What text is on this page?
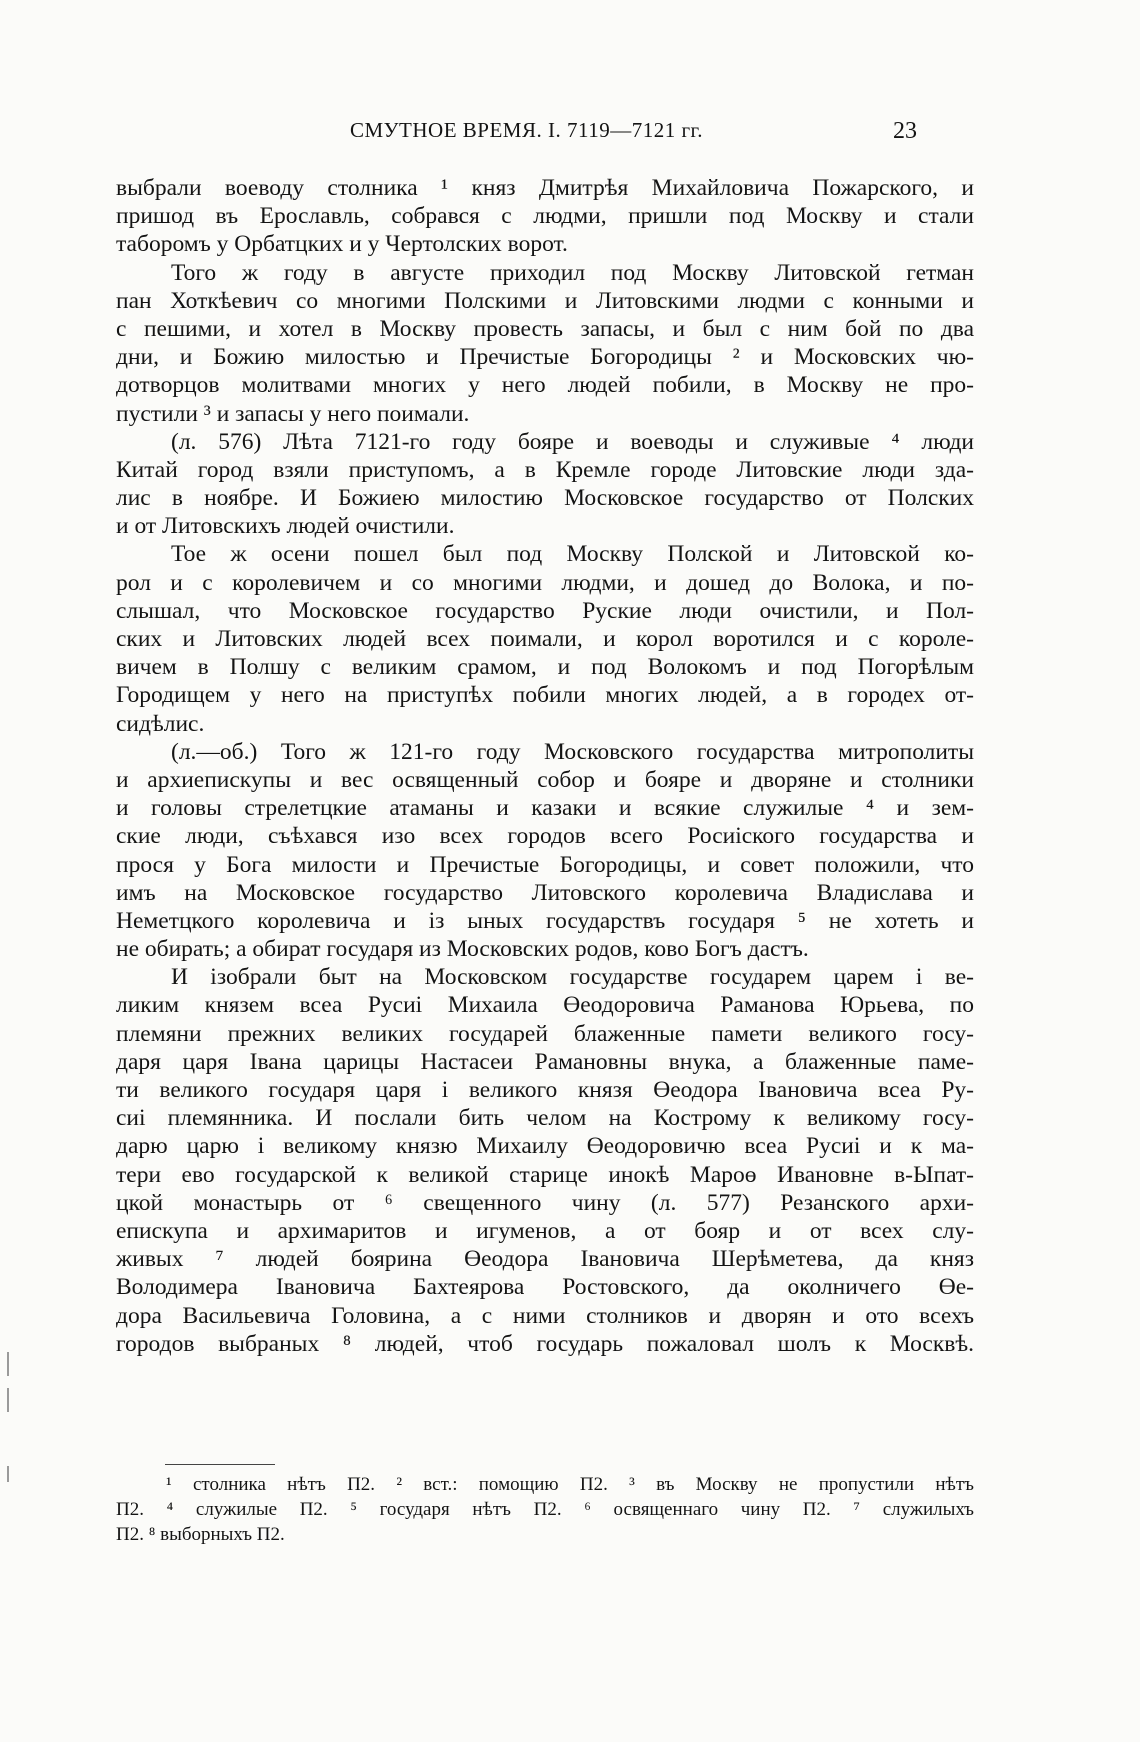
СМУТНОЕ ВРЕМЯ. I. 7119—7121 гг.	23
выбрали воеводу столника ¹ княз Дмитрѣя Михайловича Пожарского, и
пришод въ Ерославль, собрався с людми, пришли под Москву и стали
таборомъ у Орбатцких и у Чертолских ворот.
Того ж году в августе приходил под Москву Литовской гетман
пан Хоткѣевич со многими Полскими и Литовскими людми с конными и
с пешими, и хотел в Москву провесть запасы, и был с ним бой по два
дни, и Божию милостью и Пречистые Богородицы ² и Московских чю-
дотворцов молитвами многих у него людей побили, в Москву не про-
пустили ³ и запасы у него поимали.
(л. 576) Лѣта 7121-го году бояре и воеводы и служивые ⁴ люди
Китай город взяли приступомъ, а в Кремле городе Литовские люди зда-
лис в ноябре. И Божиею милостию Московское государство от Полских
и от Литовскихъ людей очистили.
Тое ж осени пошел был под Москву Полской и Литовской ко-
рол и с королевичем и со многими людми, и дошед до Волока, и по-
слышал, что Московское государство Руские люди очистили, и Пол-
ских и Литовских людей всех поимали, и корол воротился и с короле-
вичем в Полшу с великим срамом, и под Волокомъ и под Погорѣлым
Городищем у него на приступѣх побили многих людей, а в городех от-
сидѣлис.
(л.—об.) Того ж 121-го году Московского государства митрополиты
и архиепискупы и вес освященный собор и бояре и дворяне и столники
и головы стрелетцкие атаманы и казаки и всякие служилые ⁴ и зем-
ские люди, съѣхався изо всех городов всего Росиіского государства и
прося у Бога милости и Пречистые Богородицы, и совет положили, что
имъ на Московское государство Литовского королевича Владислава и
Неметцкого королевича и із ыных государствъ государя ⁵ не хотеть и
не обирать; а обират государя из Московских родов, ково Богъ дастъ.
И ізобрали быт на Московском государстве государем царем і ве-
ликим князем всеа Русиі Михаила Өеодоровича Раманова Юрьева, по
племяни прежних великих государей блаженные памети великого госу-
даря царя Івана царицы Настасеи Рамановны внука, а блаженные паме-
ти великого государя царя і великого князя Өеодора Івановича всеа Ру-
сиі племянника. И послали бить челом на Кострому к великому госу-
дарю царю і великому князю Михаилу Өеодоровичю всеа Русиі и к ма-
тери ево государской к великой старице инокѣ Мароө Ивановне в-Ыпат-
цкой монастырь от ⁶ свещенного чину (л. 577) Резанского архи-
епискупа и архимаритов и игуменов, а от бояр и от всех слу-
живых ⁷ людей боярина Өеодора Івановича Шерѣметева, да княз
Володимера Івановича Бахтеярова Ростовского, да околничего Өе-
дора Васильевича Головина, а с ними столников и дворян и ото всехъ
городов выбраных ⁸ людей, чтоб государь пожаловал шолъ к Москвѣ.
¹ столника нѣтъ П2. ² вст.: помощию П2. ³ въ Москву не пропустили нѣтъ
П2. ⁴ служилые П2. ⁵ государя нѣтъ П2. ⁶ освященнаго чину П2. ⁷ служилыхъ
П2. ⁸ выборныхъ П2.
